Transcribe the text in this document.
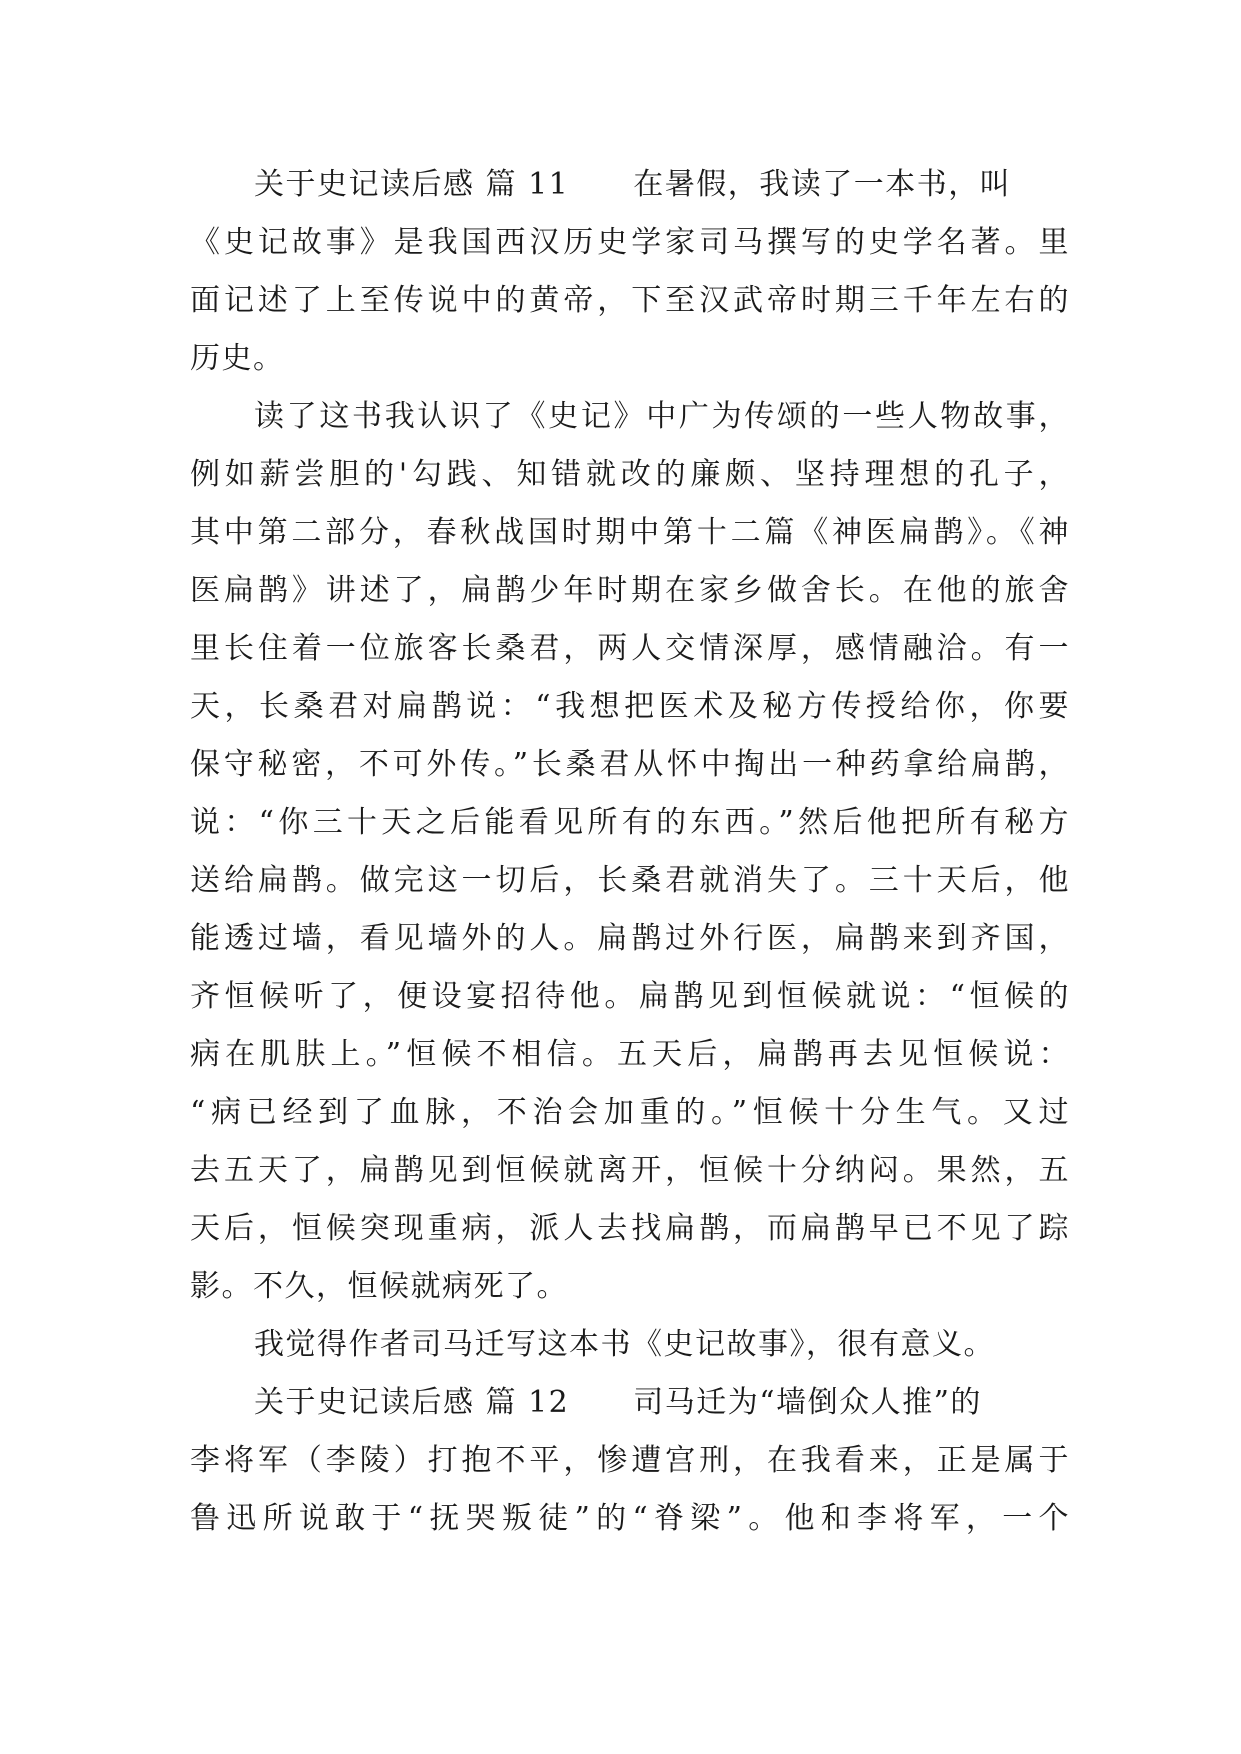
关于史记读后感 篇 11 在暑假，我读了一本书，叫
《史记故事》是我国西汉历史学家司马撰写的史学名著。里
面记述了上至传说中的黄帝，下至汉武帝时期三千年左右的
历史。
读了这书我认识了《史记》中广为传颂的一些人物故事，
例如薪尝胆的'勾践、知错就改的廉颇、坚持理想的孔子，
其中第二部分，春秋战国时期中第十二篇《神医扁鹊》。《神
医扁鹊》讲述了，扁鹊少年时期在家乡做舍长。在他的旅舍
里长住着一位旅客长桑君，两人交情深厚，感情融洽。有一
天，长桑君对扁鹊说：“我想把医术及秘方传授给你，你要
保守秘密，不可外传。”长桑君从怀中掏出一种药拿给扁鹊，
说：“你三十天之后能看见所有的东西。”然后他把所有秘方
送给扁鹊。做完这一切后，长桑君就消失了。三十天后，他
能透过墙，看见墙外的人。扁鹊过外行医，扁鹊来到齐国，
齐恒候听了，便设宴招待他。扁鹊见到恒候就说：“恒候的
病在肌肤上。”恒候不相信。五天后，扁鹊再去见恒候说：
“病已经到了血脉，不治会加重的。”恒候十分生气。又过
去五天了，扁鹊见到恒候就离开，恒候十分纳闷。果然，五
天后，恒候突现重病，派人去找扁鹊，而扁鹊早已不见了踪
影。不久，恒候就病死了。
我觉得作者司马迁写这本书《史记故事》，很有意义。
关于史记读后感 篇 12 司马迁为“墙倒众人推”的
李将军（李陵）打抱不平，惨遭宫刑，在我看来，正是属于
鲁迅所说敢于“抚哭叛徒”的“脊梁”。他和李将军，一个
